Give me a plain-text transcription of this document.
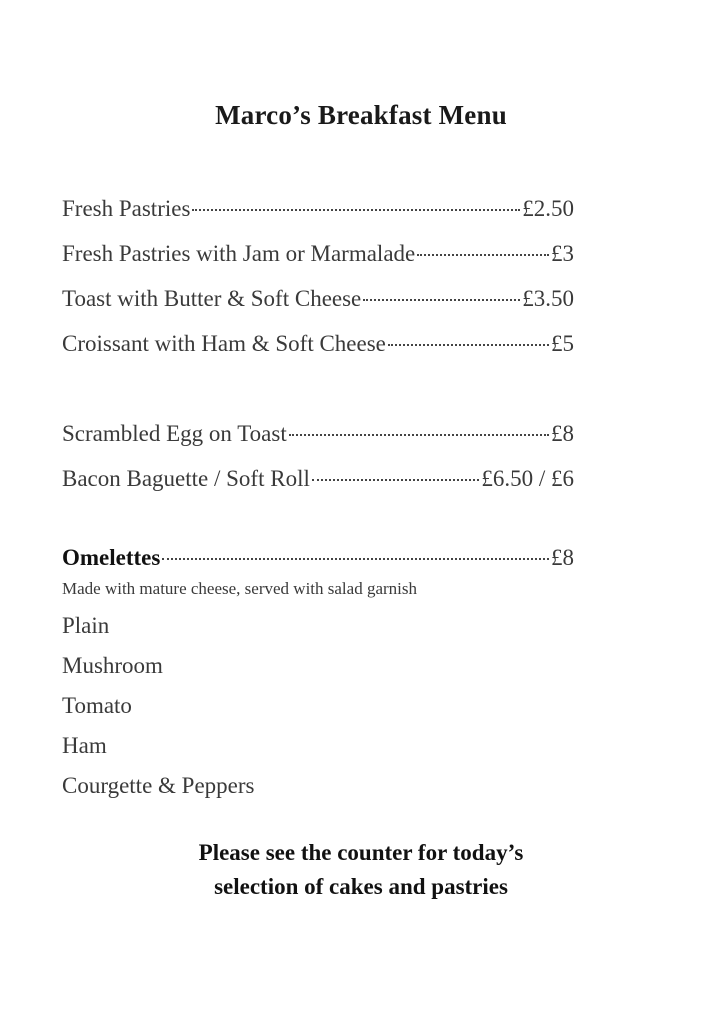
Marco’s Breakfast Menu
Fresh Pastries	£2.50
Fresh Pastries with Jam or Marmalade	£3
Toast with Butter & Soft Cheese	£3.50
Croissant with Ham & Soft Cheese	£5
Scrambled Egg on Toast	£8
Bacon Baguette / Soft Roll	£6.50 / £6
Omelettes	£8
Made with mature cheese, served with salad garnish
Plain
Mushroom
Tomato
Ham
Courgette & Peppers
Please see the counter for today’s
selection of cakes and pastries
